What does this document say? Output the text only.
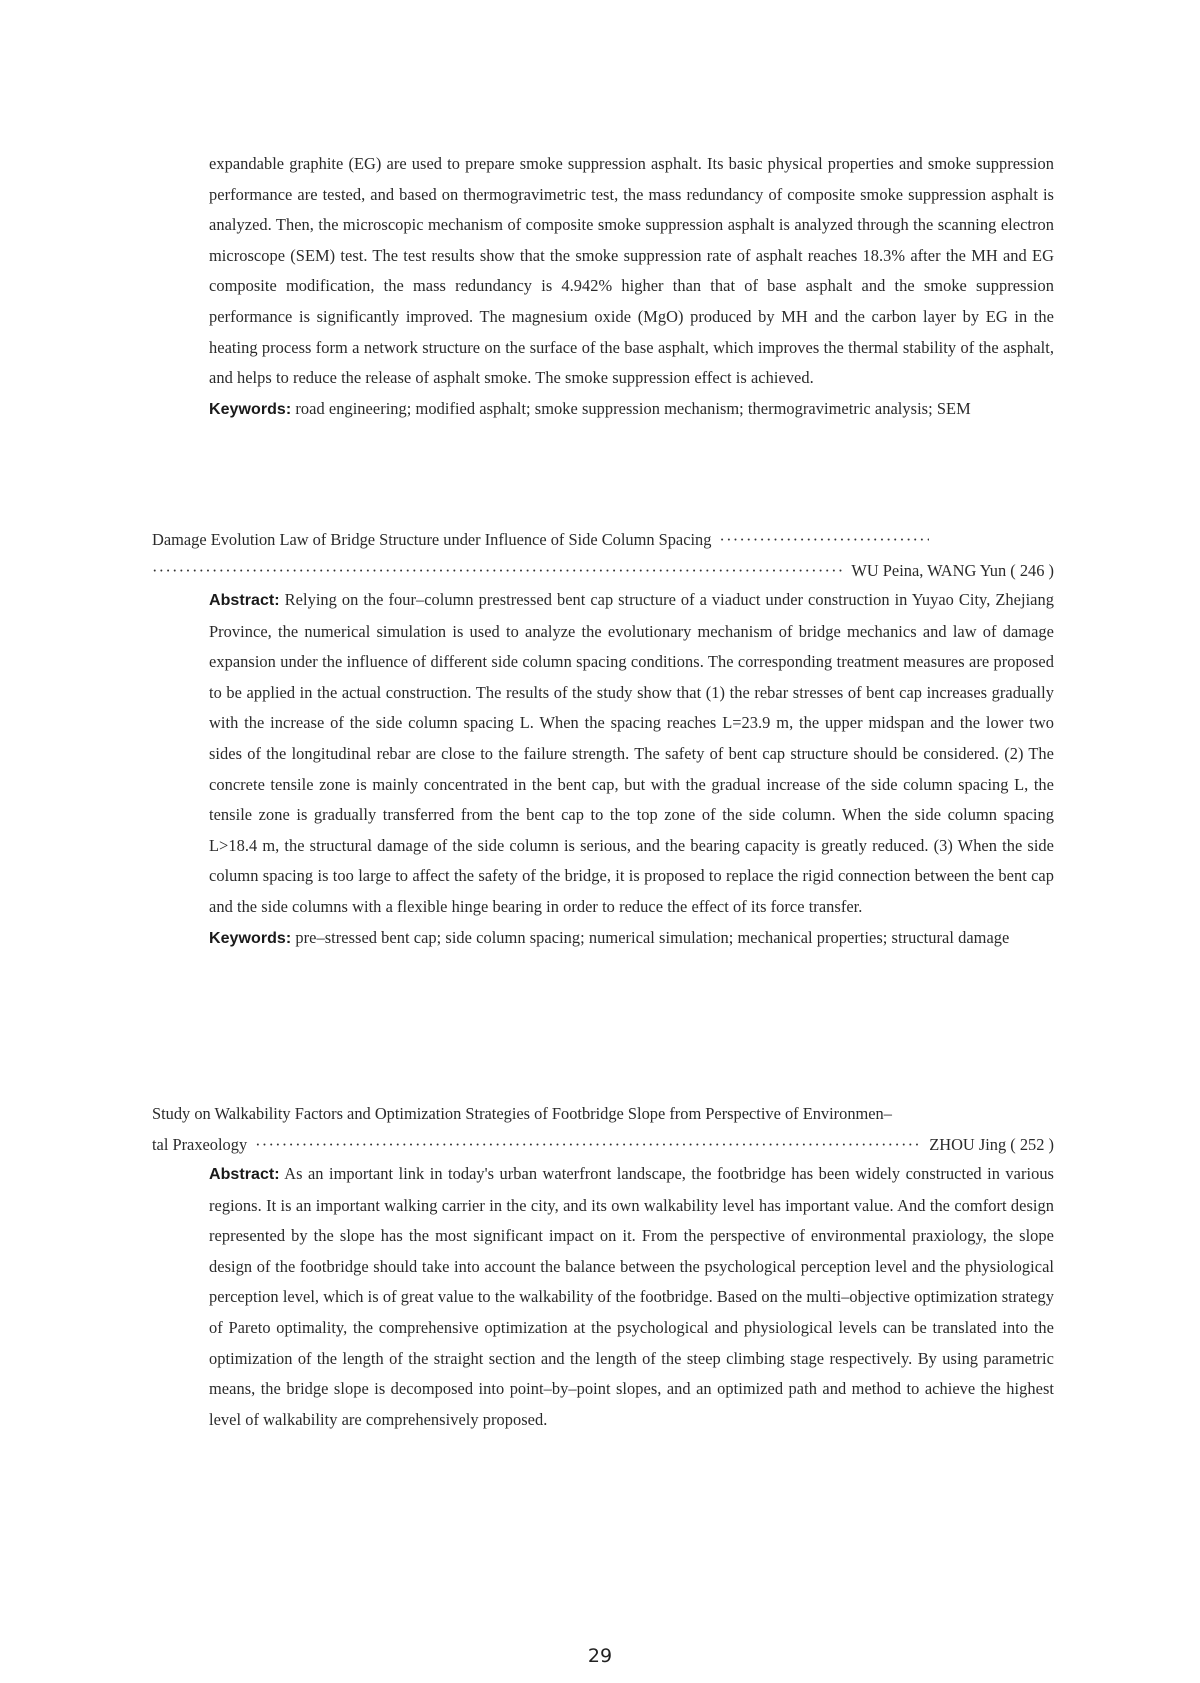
expandable graphite (EG) are used to prepare smoke suppression asphalt. Its basic physical properties and smoke suppression performance are tested, and based on thermogravimetric test, the mass redundancy of composite smoke suppression asphalt is analyzed. Then, the microscopic mechanism of composite smoke suppression asphalt is analyzed through the scanning electron microscope (SEM) test. The test results show that the smoke suppression rate of asphalt reaches 18.3% after the MH and EG composite modification, the mass redundancy is 4.942% higher than that of base asphalt and the smoke suppression performance is significantly improved. The magnesium oxide (MgO) produced by MH and the carbon layer by EG in the heating process form a network structure on the surface of the base asphalt, which improves the thermal stability of the asphalt, and helps to reduce the release of asphalt smoke. The smoke suppression effect is achieved.
Keywords: road engineering; modified asphalt; smoke suppression mechanism; thermogravimetric analysis; SEM
Damage Evolution Law of Bridge Structure under Influence of Side Column Spacing
·····
·····
WU Peina, WANG Yun
( 246 )
Abstract: Relying on the four–column prestressed bent cap structure of a viaduct under construction in Yuyao City, Zhejiang Province, the numerical simulation is used to analyze the evolutionary mechanism of bridge mechanics and law of damage expansion under the influence of different side column spacing conditions. The corresponding treatment measures are proposed to be applied in the actual construction. The results of the study show that (1) the rebar stresses of bent cap increases gradually with the increase of the side column spacing L. When the spacing reaches L=23.9 m, the upper midspan and the lower two sides of the longitudinal rebar are close to the failure strength. The safety of bent cap structure should be considered. (2) The concrete tensile zone is mainly concentrated in the bent cap, but with the gradual increase of the side column spacing L, the tensile zone is gradually transferred from the bent cap to the top zone of the side column. When the side column spacing L>18.4 m, the structural damage of the side column is serious, and the bearing capacity is greatly reduced. (3) When the side column spacing is too large to affect the safety of the bridge, it is proposed to replace the rigid connection between the bent cap and the side columns with a flexible hinge bearing in order to reduce the effect of its force transfer.
Keywords: pre–stressed bent cap; side column spacing; numerical simulation; mechanical properties; structural damage
Study on Walkability Factors and Optimization Strategies of Footbridge Slope from Perspective of Environmen–
tal Praxeology ·····	ZHOU Jing
( 252 )
Abstract: As an important link in today's urban waterfront landscape, the footbridge has been widely constructed in various regions. It is an important walking carrier in the city, and its own walkability level has important value. And the comfort design represented by the slope has the most significant impact on it. From the perspective of environmental praxiology, the slope design of the footbridge should take into account the balance between the psychological perception level and the physiological perception level, which is of great value to the walkability of the footbridge. Based on the multi–objective optimization strategy of Pareto optimality, the comprehensive optimization at the psychological and physiological levels can be translated into the optimization of the length of the straight section and the length of the steep climbing stage respectively. By using parametric means, the bridge slope is decomposed into point–by–point slopes, and an optimized path and method to achieve the highest level of walkability are comprehensively proposed.
29
